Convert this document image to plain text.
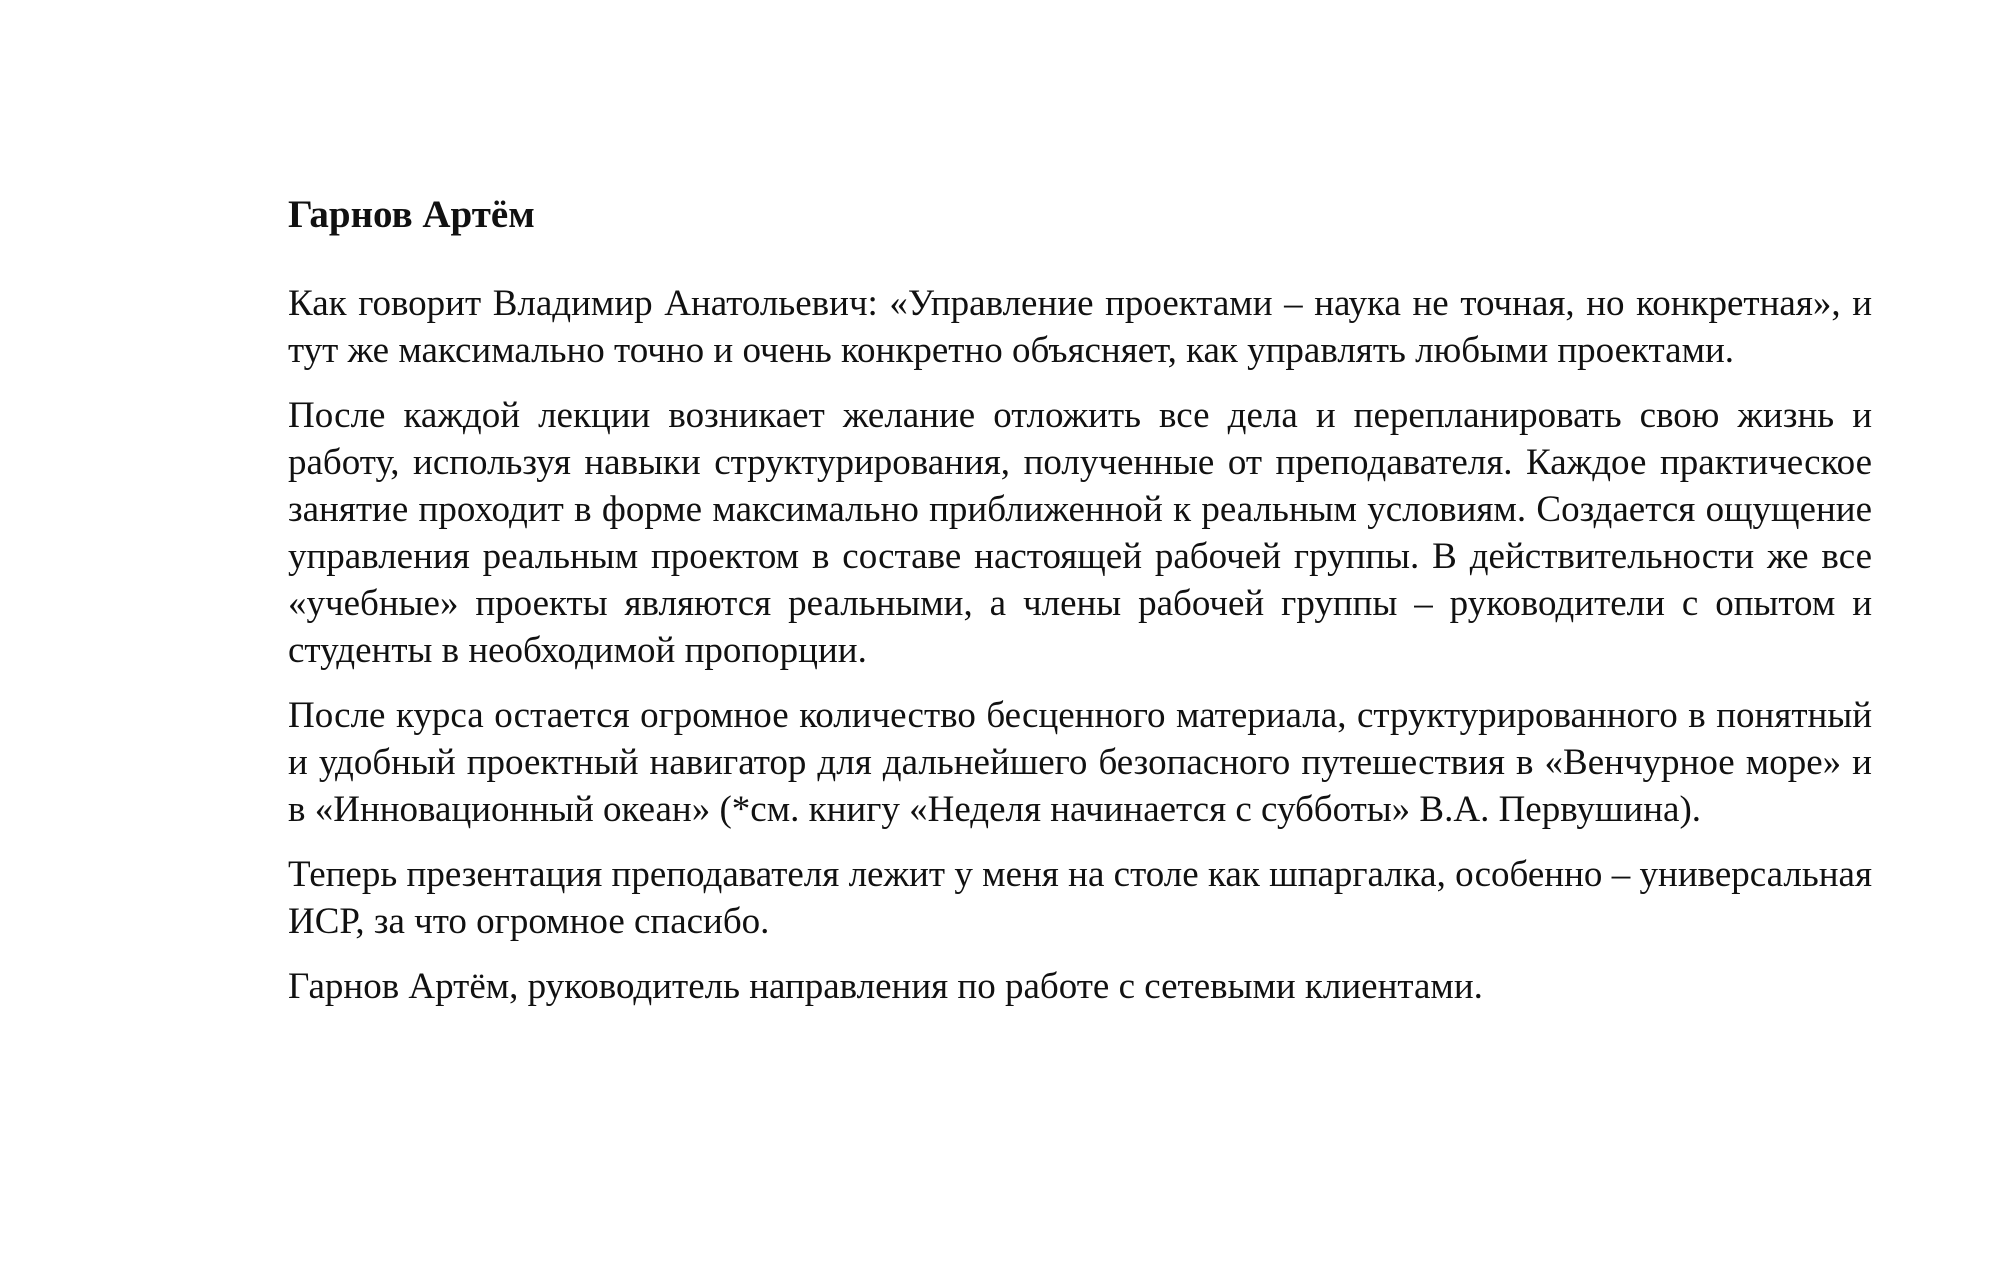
Гарнов Артём

Как говорит Владимир Анатольевич: «Управление проектами – наука не точная, но конкретная», и тут же максимально точно и очень конкретно объясняет, как управлять любыми проектами.

После каждой лекции возникает желание отложить все дела и перепланировать свою жизнь и работу, используя навыки структурирования, полученные от преподавателя. Каждое практическое занятие проходит в форме максимально приближенной к реальным условиям. Создается ощущение управления реальным проектом в составе настоящей рабочей группы. В действительности же все «учебные» проекты являются реальными, а члены рабочей группы – руководители с опытом и студенты в необходимой пропорции.

После курса остается огромное количество бесценного материала, структурированного в понятный и удобный проектный навигатор для дальнейшего безопасного путешествия в «Венчурное море» и в «Инновационный океан» (*см. книгу «Неделя начинается с субботы» В.А. Первушина).

Теперь презентация преподавателя лежит у меня на столе как шпаргалка, особенно – универсальная ИСР, за что огромное спасибо.

Гарнов Артём, руководитель направления по работе с сетевыми клиентами.
